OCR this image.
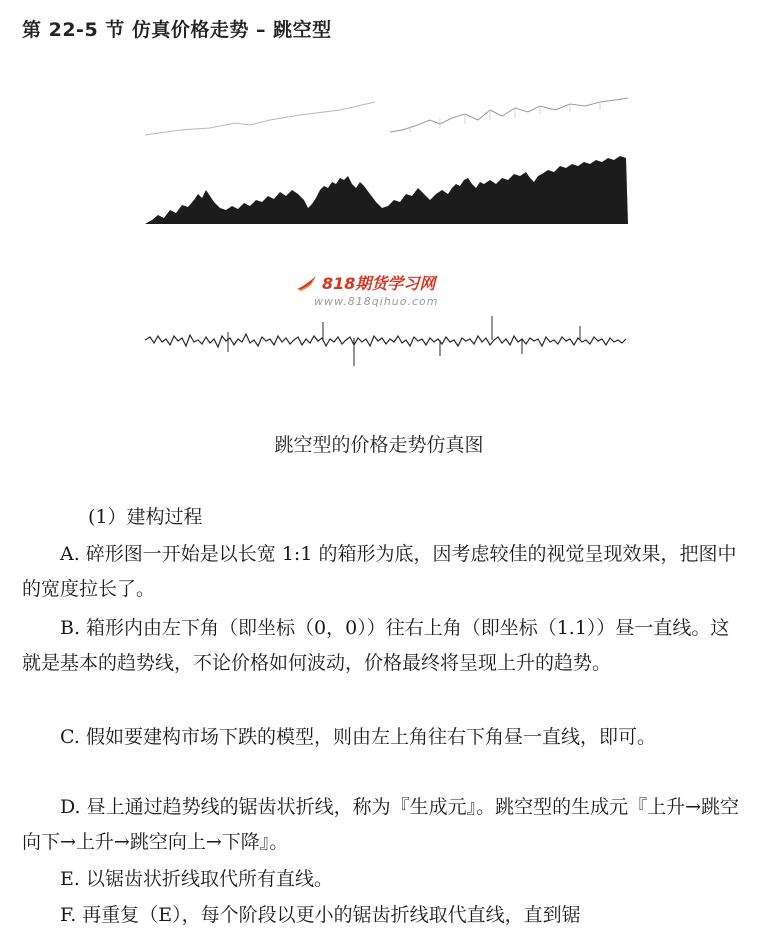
第 22-5 节 仿真价格走势 – 跳空型
818期货学习网
www.818qihuo.com
跳空型的价格走势仿真图
(1）建构过程

A. 碎形图一开始是以长宽 1:1 的箱形为底，因考虑较佳的视觉呈现效果，把图中的宽度拉长了。

B. 箱形内由左下角（即坐标（0，0））往右上角（即坐标（1.1））昼一直线。这就是基本的趋势线，不论价格如何波动，价格最终将呈现上升的趋势。

C. 假如要建构市场下跌的模型，则由左上角往右下角昼一直线，即可。

D. 昼上通过趋势线的锯齿状折线，称为『生成元』。跳空型的生成元『上升→跳空向下→上升→跳空向上→下降』。

E. 以锯齿状折线取代所有直线。

F. 再重复（E），每个阶段以更小的锯齿折线取代直线，直到锯
